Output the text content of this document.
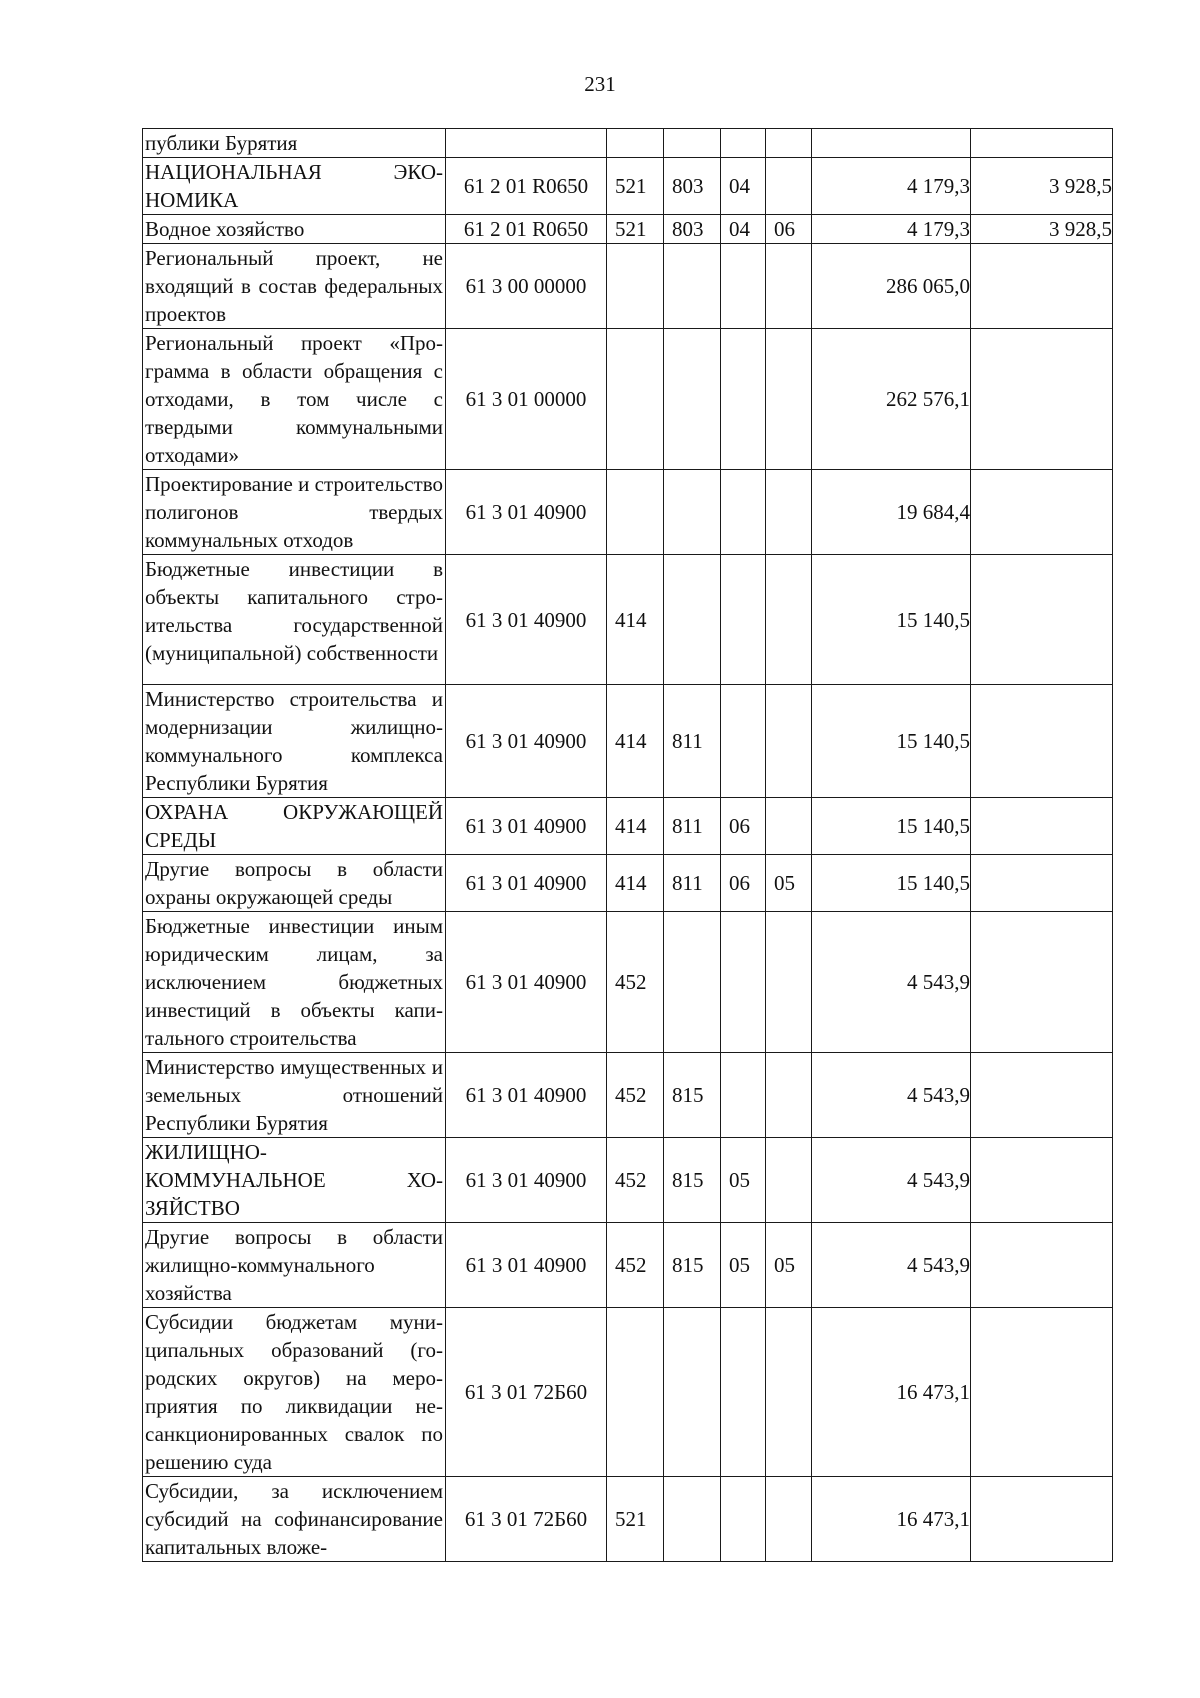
231
публики Бурятия							
НАЦИОНАЛЬНАЯ ЭКОНОМИКА	61 2 01 R0650	521	803	04		4 179,3	3 928,5
Водное хозяйство	61 2 01 R0650	521	803	04	06	4 179,3	3 928,5
Региональный проект, не входящий в состав федеральных проектов	61 3 00 00000					286 065,0	
Региональный проект «Программа в области обращения с отходами, в том числе с твердыми коммунальными отходами»	61 3 01 00000					262 576,1	
Проектирование и строительство полигонов твердых коммунальных отходов	61 3 01 40900					19 684,4	
Бюджетные инвестиции в объекты капитального строительства государственной (муниципальной) собственности	61 3 01 40900	414				15 140,5	
Министерство строительства и модернизации жилищно-коммунального комплекса Республики Бурятия	61 3 01 40900	414	811			15 140,5	
ОХРАНА ОКРУЖАЮЩЕЙ СРЕДЫ	61 3 01 40900	414	811	06		15 140,5	
Другие вопросы в области охраны окружающей среды	61 3 01 40900	414	811	06	05	15 140,5	
Бюджетные инвестиции иным юридическим лицам, за исключением бюджетных инвестиций в объекты капитального строительства	61 3 01 40900	452				4 543,9	
Министерство имущественных и земельных отношений Республики Бурятия	61 3 01 40900	452	815			4 543,9	
ЖИЛИЩНО-КОММУНАЛЬНОЕ ХОЗЯЙСТВО	61 3 01 40900	452	815	05		4 543,9	
Другие вопросы в области жилищно-коммунального хозяйства	61 3 01 40900	452	815	05	05	4 543,9	
Субсидии бюджетам муниципальных образований (городских округов) на мероприятия по ликвидации несанкционированных свалок по решению суда	61 3 01 72Б60					16 473,1	
Субсидии, за исключением субсидий на софинансирование капитальных вложе-	61 3 01 72Б60	521				16 473,1	
